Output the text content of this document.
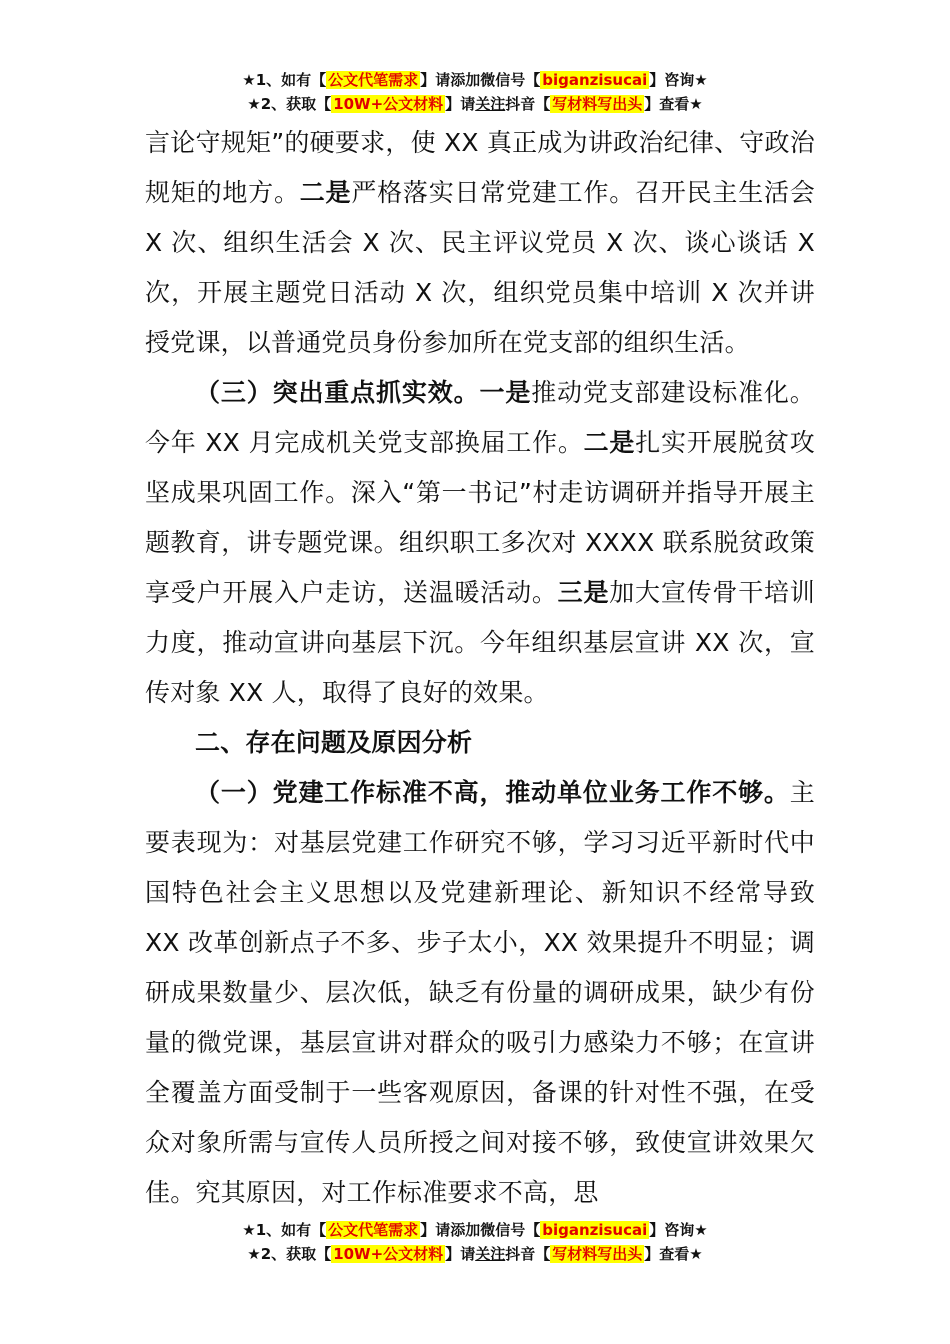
★1、如有【 公文代笔需求 】请添加微信号【 biganzisucai 】咨询★
★2、获取【 10W+公文材料 】请关注抖音【 写材料写出头 】查看★

言论守规矩”的硬要求，使 XX 真正成为讲政治纪律、守政治规矩的地方。二是严格落实日常党建工作。召开民主生活会 X 次、组织生活会 X 次、民主评议党员 X 次、谈心谈话 X 次，开展主题党日活动 X 次，组织党员集中培训 X 次并讲授党课，以普通党员身份参加所在党支部的组织生活。

（三）突出重点抓实效。一是推动党支部建设标准化。今年 XX 月完成机关党支部换届工作。二是扎实开展脱贫攻坚成果巩固工作。深入“第一书记”村走访调研并指导开展主题教育，讲专题党课。组织职工多次对 XXXX 联系脱贫政策享受户开展入户走访，送温暖活动。三是加大宣传骨干培训力度，推动宣讲向基层下沉。今年组织基层宣讲 XX 次，宣传对象 XX 人，取得了良好的效果。

二、存在问题及原因分析

（一）党建工作标准不高，推动单位业务工作不够。主要表现为：对基层党建工作研究不够，学习习近平新时代中国特色社会主义思想以及党建新理论、新知识不经常导致 XX 改革创新点子不多、步子太小，XX 效果提升不明显；调研成果数量少、层次低，缺乏有份量的调研成果，缺少有份量的微党课，基层宣讲对群众的吸引力感染力不够；在宣讲全覆盖方面受制于一些客观原因，备课的针对性不强，在受众对象所需与宣传人员所授之间对接不够，致使宣讲效果欠佳。究其原因，对工作标准要求不高，思

★1、如有【 公文代笔需求 】请添加微信号【 biganzisucai 】咨询★
★2、获取【 10W+公文材料 】请关注抖音【 写材料写出头 】查看★
